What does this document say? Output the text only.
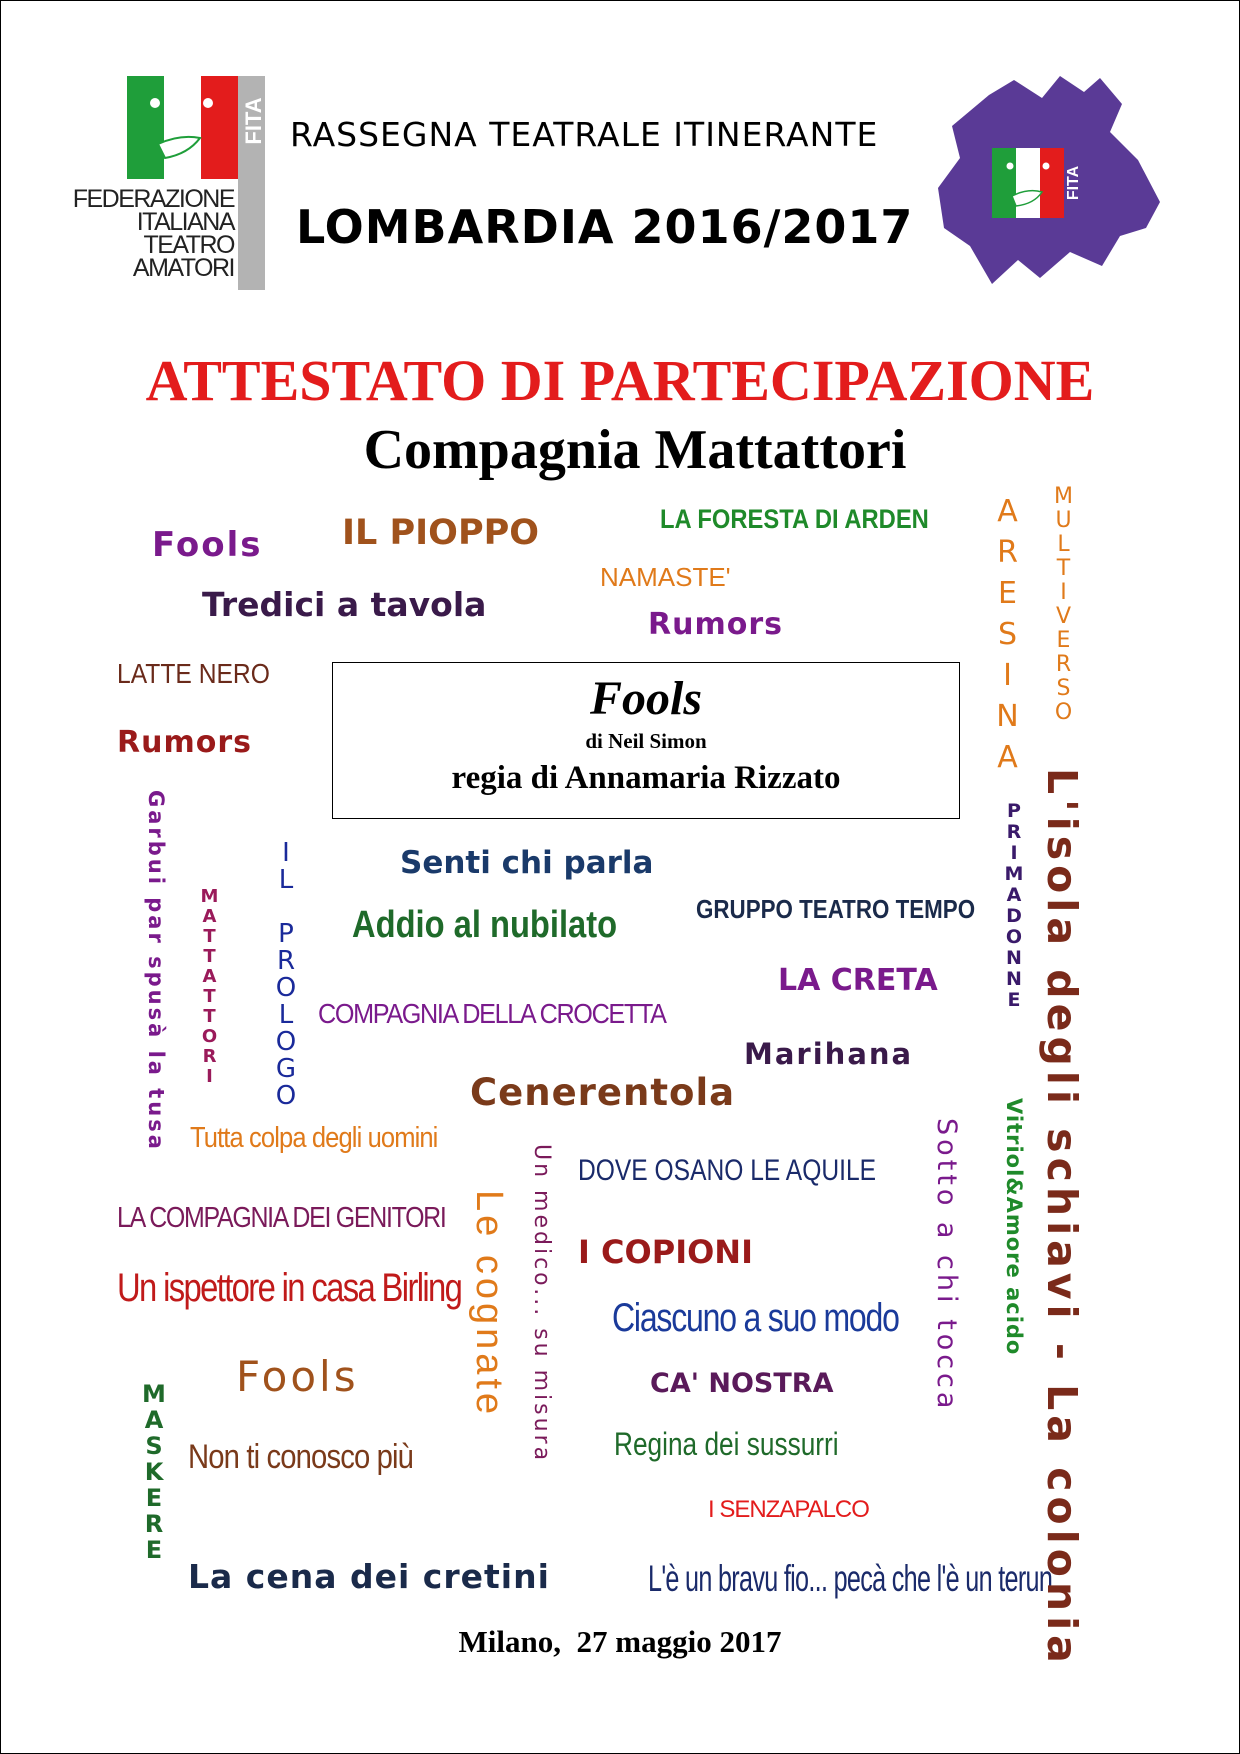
FITA
FEDERAZIONE
ITALIANA
TEATRO
AMATORI
RASSEGNA TEATRALE ITINERANTE
LOMBARDIA 2016/2017
FITA
ATTESTATO DI PARTECIPAZIONE
Compagnia Mattattori
Fools
di Neil Simon
regia di Annamaria Rizzato
Fools IL PIOPPO	LA FORESTA DI ARDEN
NAMASTE'
Tredici a tavola
Rumors
LATTE NERO
Rumors
Senti chi parla
Addio al nubilato	GRUPPO TEATRO TEMPO
LA CRETA
COMPAGNIA DELLA CROCETTA
Marihana
Cenerentola
Tutta colpa degli uomini
DOVE OSANO LE AQUILE
LA COMPAGNIA DEI GENITORI
I COPIONI
Un ispettore in casa Birling
Ciascuno a suo modo
Fools	CA' NOSTRA
Non ti conosco più	Regina dei sussurri
I SENZAPALCO
La cena dei cretini	L'è un bravu fio... pecà che l'è un terun
ARESINA MULTIVERSO
PRIMADONNE
MATTATTORI IL PROLOGO
MASKERE	L'isola degli schiavi - La colonia
Garbui par spusà la tusa
Un medico... su misura
Le cognate	Sotto a chi tocca Vitriol&Amore acido
Milano,  27 maggio 2017
